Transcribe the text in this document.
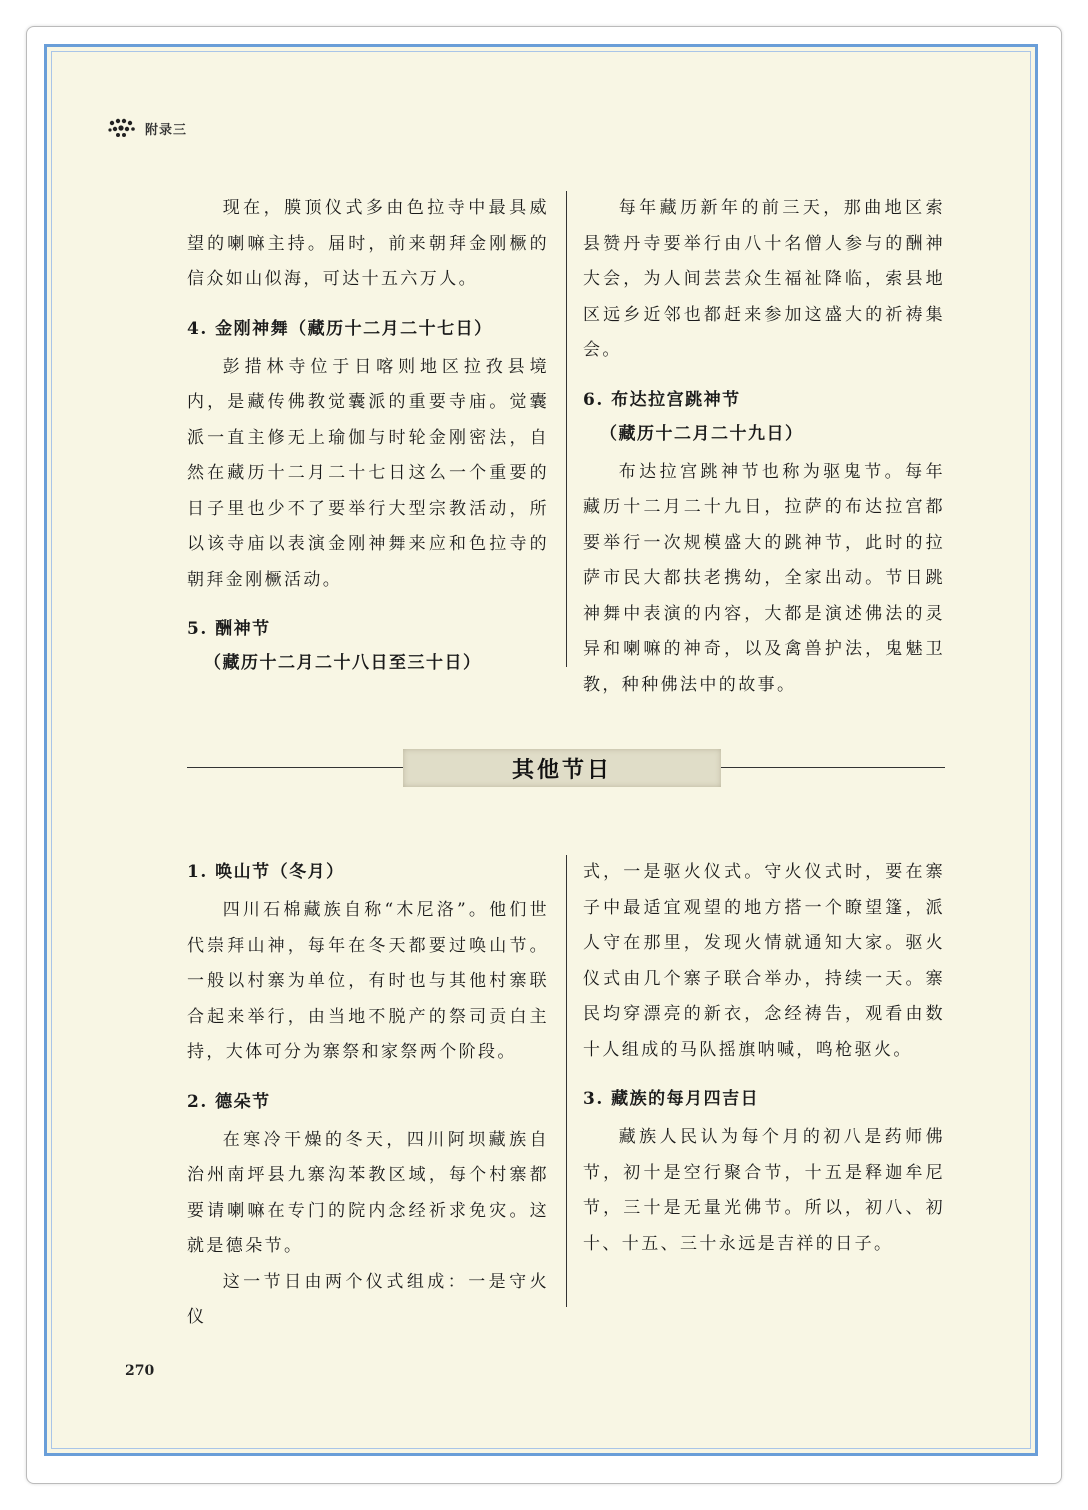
附录三

现在，膜顶仪式多由色拉寺中最具威望的喇嘛主持。届时，前来朝拜金刚橛的信众如山似海，可达十五六万人。

4. 金刚神舞（藏历十二月二十七日）

彭措林寺位于日喀则地区拉孜县境内，是藏传佛教觉囊派的重要寺庙。觉囊派一直主修无上瑜伽与时轮金刚密法，自然在藏历十二月二十七日这么一个重要的日子里也少不了要举行大型宗教活动，所以该寺庙以表演金刚神舞来应和色拉寺的朝拜金刚橛活动。

5. 酬神节
（藏历十二月二十八日至三十日）

每年藏历新年的前三天，那曲地区索县赞丹寺要举行由八十名僧人参与的酬神大会，为人间芸芸众生福祉降临，索县地区远乡近邻也都赶来参加这盛大的祈祷集会。

6. 布达拉宫跳神节
（藏历十二月二十九日）

布达拉宫跳神节也称为驱鬼节。每年藏历十二月二十九日，拉萨的布达拉宫都要举行一次规模盛大的跳神节，此时的拉萨市民大都扶老携幼，全家出动。节日跳神舞中表演的内容，大都是演述佛法的灵异和喇嘛的神奇，以及禽兽护法，鬼魅卫教，种种佛法中的故事。

其他节日
1. 唤山节（冬月）

四川石棉藏族自称“木尼洛”。他们世代崇拜山神，每年在冬天都要过唤山节。一般以村寨为单位，有时也与其他村寨联合起来举行，由当地不脱产的祭司贡白主持，大体可分为寨祭和家祭两个阶段。

2. 德朵节

在寒冷干燥的冬天，四川阿坝藏族自治州南坪县九寨沟苯教区域，每个村寨都要请喇嘛在专门的院内念经祈求免灾。这就是德朵节。

这一节日由两个仪式组成：一是守火仪

式，一是驱火仪式。守火仪式时，要在寨子中最适宜观望的地方搭一个瞭望篷，派人守在那里，发现火情就通知大家。驱火仪式由几个寨子联合举办，持续一天。寨民均穿漂亮的新衣，念经祷告，观看由数十人组成的马队摇旗呐喊，鸣枪驱火。

3. 藏族的每月四吉日

藏族人民认为每个月的初八是药师佛节，初十是空行聚合节，十五是释迦牟尼节，三十是无量光佛节。所以，初八、初十、十五、三十永远是吉祥的日子。

270
